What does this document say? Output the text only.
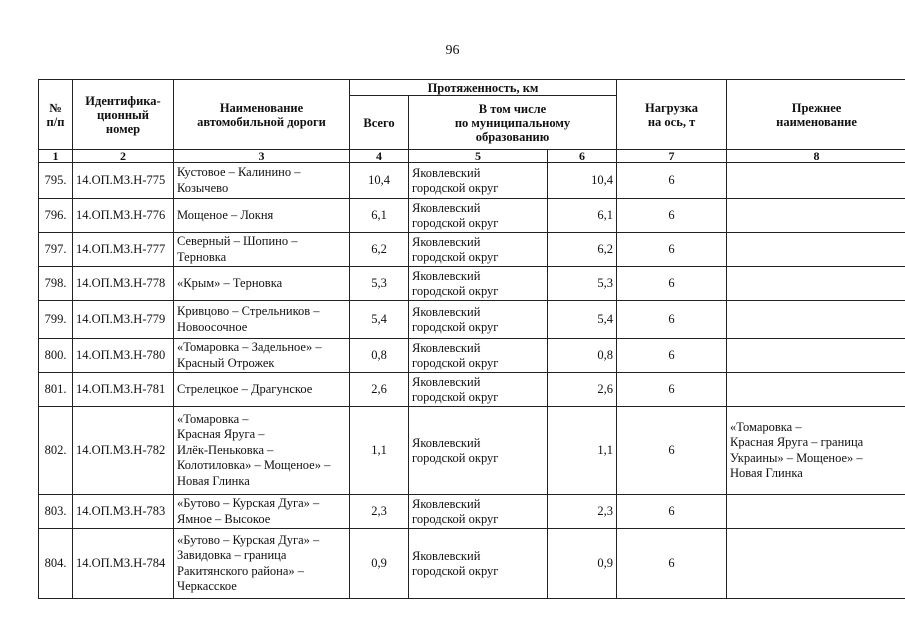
96
№
п/п	Идентифика-
ционный
номер	Наименование
автомобильной дороги	Протяженность, км			Нагрузка
на ось, т	Прежнее
наименование

			Всего	В том числе
по муниципальному
образованию			

1	2	3	4	5	6	7	8

795.	14.ОП.МЗ.Н-775	Кустовое – Калинино –
Козычево	10,4	Яковлевский
городской округ	10,4	6	

796.	14.ОП.МЗ.Н-776	Мощеное – Локня	6,1	Яковлевский
городской округ	6,1	6	

797.	14.ОП.МЗ.Н-777	Северный – Шопино –
Терновка	6,2	Яковлевский
городской округ	6,2	6	

798.	14.ОП.МЗ.Н-778	«Крым» – Терновка	5,3	Яковлевский
городской округ	5,3	6	

799.	14.ОП.МЗ.Н-779	Кривцово – Стрельников –
Новоосочное	5,4	Яковлевский
городской округ	5,4	6	

800.	14.ОП.МЗ.Н-780	«Томаровка – Задельное» –
Красный Отрожек	0,8	Яковлевский
городской округ	0,8	6	

801.	14.ОП.МЗ.Н-781	Стрелецкое – Драгунское	2,6	Яковлевский
городской округ	2,6	6	

802.	14.ОП.МЗ.Н-782	«Томаровка –
Красная Яруга –
Илёк-Пеньковка –
Колотиловка» – Мощеное» –
Новая Глинка	1,1	Яковлевский
городской округ	1,1	6	«Томаровка –
Красная Яруга – граница
Украины» – Мощеное» –
Новая Глинка

803.	14.ОП.МЗ.Н-783	«Бутово – Курская Дуга» –
Ямное – Высокое	2,3	Яковлевский
городской округ	2,3	6	

804.	14.ОП.МЗ.Н-784	«Бутово – Курская Дуга» –
Завидовка – граница
Ракитянского района» –
Черкасское	0,9	Яковлевский
городской округ	0,9	6	
